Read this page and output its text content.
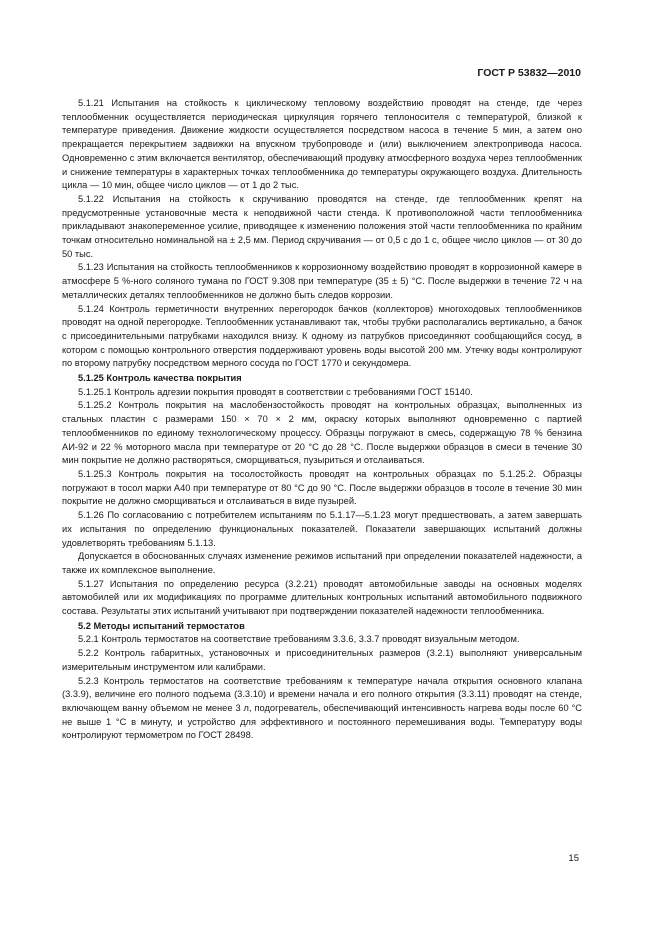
ГОСТ Р 53832—2010

5.1.21 Испытания на стойкость к циклическому тепловому воздействию проводят на стенде, где через теплообменник осуществляется периодическая циркуляция горячего теплоносителя с температурой, близкой к температуре приведения. Движение жидкости осуществляется посредством насоса в течение 5 мин, а затем оно прекращается перекрытием задвижки на впускном трубопроводе и (или) выключением электропривода насоса. Одновременно с этим включается вентилятор, обеспечивающий продувку атмосферного воздуха через теплообменник и снижение температуры в характерных точках теплообменника до температуры окружающего воздуха. Длительность цикла — 10 мин, общее число циклов — от 1 до 2 тыс.

5.1.22 Испытания на стойкость к скручиванию проводятся на стенде, где теплообменник крепят на предусмотренные установочные места к неподвижной части стенда. К противоположной части теплообменника прикладывают знакопеременное усилие, приводящее к изменению положения этой части теплообменника по крайним точкам относительно номинальной на ± 2,5 мм. Период скручивания — от 0,5 с до 1 с, общее число циклов — от 30 до 50 тыс.

5.1.23 Испытания на стойкость теплообменников к коррозионному воздействию проводят в коррозионной камере в атмосфере 5 %-ного соляного тумана по ГОСТ 9.308 при температуре (35 ± 5) °С. После выдержки в течение 72 ч на металлических деталях теплообменников не должно быть следов коррозии.

5.1.24 Контроль герметичности внутренних перегородок бачков (коллекторов) многоходовых теплообменников проводят на одной перегородке. Теплообменник устанавливают так, чтобы трубки располагались вертикально, а бачок с присоединительными патрубками находился внизу. К одному из патрубков присоединяют сообщающийся сосуд, в котором с помощью контрольного отверстия поддерживают уровень воды высотой 200 мм. Утечку воды контролируют по второму патрубку посредством мерного сосуда по ГОСТ 1770 и секундомера.

5.1.25 Контроль качества покрытия

5.1.25.1 Контроль адгезии покрытия проводят в соответствии с требованиями ГОСТ 15140.

5.1.25.2 Контроль покрытия на маслобензостойкость проводят на контрольных образцах, выполненных из стальных пластин с размерами 150 × 70 × 2 мм, окраску которых выполняют одновременно с партией теплообменников по единому технологическому процессу. Образцы погружают в смесь, содержащую 78 % бензина АИ-92 и 22 % моторного масла при температуре от 20 °С до 28 °С. После выдержки образцов в смеси в течение 30 мин покрытие не должно растворяться, сморщиваться, пузыриться и отслаиваться.

5.1.25.3 Контроль покрытия на тосолостойкость проводят на контрольных образцах по 5.1.25.2. Образцы погружают в тосол марки А40 при температуре от 80 °С до 90 °С. После выдержки образцов в тосоле в течение 30 мин покрытие не должно сморщиваться и отслаиваться в виде пузырей.

5.1.26 По согласованию с потребителем испытаниям по 5.1.17—5.1.23 могут предшествовать, а затем завершать их испытания по определению функциональных показателей. Показатели завершающих испытаний должны удовлетворять требованиям 5.1.13.

Допускается в обоснованных случаях изменение режимов испытаний при определении показателей надежности, а также их комплексное выполнение.

5.1.27 Испытания по определению ресурса (3.2.21) проводят автомобильные заводы на основных моделях автомобилей или их модификациях по программе длительных контрольных испытаний автомобильного подвижного состава. Результаты этих испытаний учитывают при подтверждении показателей надежности теплообменника.

5.2 Методы испытаний термостатов

5.2.1 Контроль термостатов на соответствие требованиям 3.3.6, 3.3.7 проводят визуальным методом.

5.2.2 Контроль габаритных, установочных и присоединительных размеров (3.2.1) выполняют универсальным измерительным инструментом или калибрами.

5.2.3 Контроль термостатов на соответствие требованиям к температуре начала открытия основного клапана (3.3.9), величине его полного подъема (3.3.10) и времени начала и его полного открытия (3.3.11) проводят на стенде, включающем ванну объемом не менее 3 л, подогреватель, обеспечивающий интенсивность нагрева воды после 60 °С не выше 1 °С в минуту, и устройство для эффективного и постоянного перемешивания воды. Температуру воды контролируют термометром по ГОСТ 28498.

15
